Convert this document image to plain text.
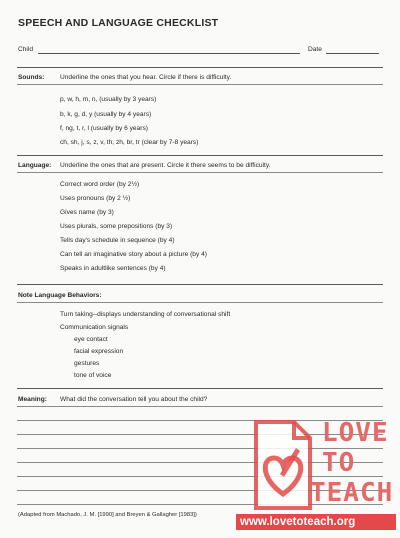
SPEECH AND LANGUAGE CHECKLIST
Child	Date
Sounds: Underline the ones that you hear. Circle if there is difficulty.
p, w, h, m, n, (usually by 3 years)
b, k, g, d, y (usually by 4 years)
f, ng, t, r, l (usually by 6 years)
ch, sh, j, s, z, v, th, zh, br, tr (clear by 7-8 years)
Language: Underline the ones that are present. Circle it there seems to be difficulty.
Correct word order (by 2½)
Uses pronouns (by 2 ½)
Gives name (by 3)
Uses plurals, some prepositions (by 3)
Tells day's schedule in sequence (by 4)
Can tell an imaginative story about a picture (by 4)
Speaks in adultlike sentences (by 4)
Note Language Behaviors:
Turn taking--displays understanding of conversational shift
Communication signals
eye contact
facial expression
gestures
tone of voice
Meaning: What did the conversation tell you about the child?
(Adapted from Machado, J. M. [1990] and Breyen & Gallagher [1983])
LOVE
TO
TEACH
www.lovetoteach.org
